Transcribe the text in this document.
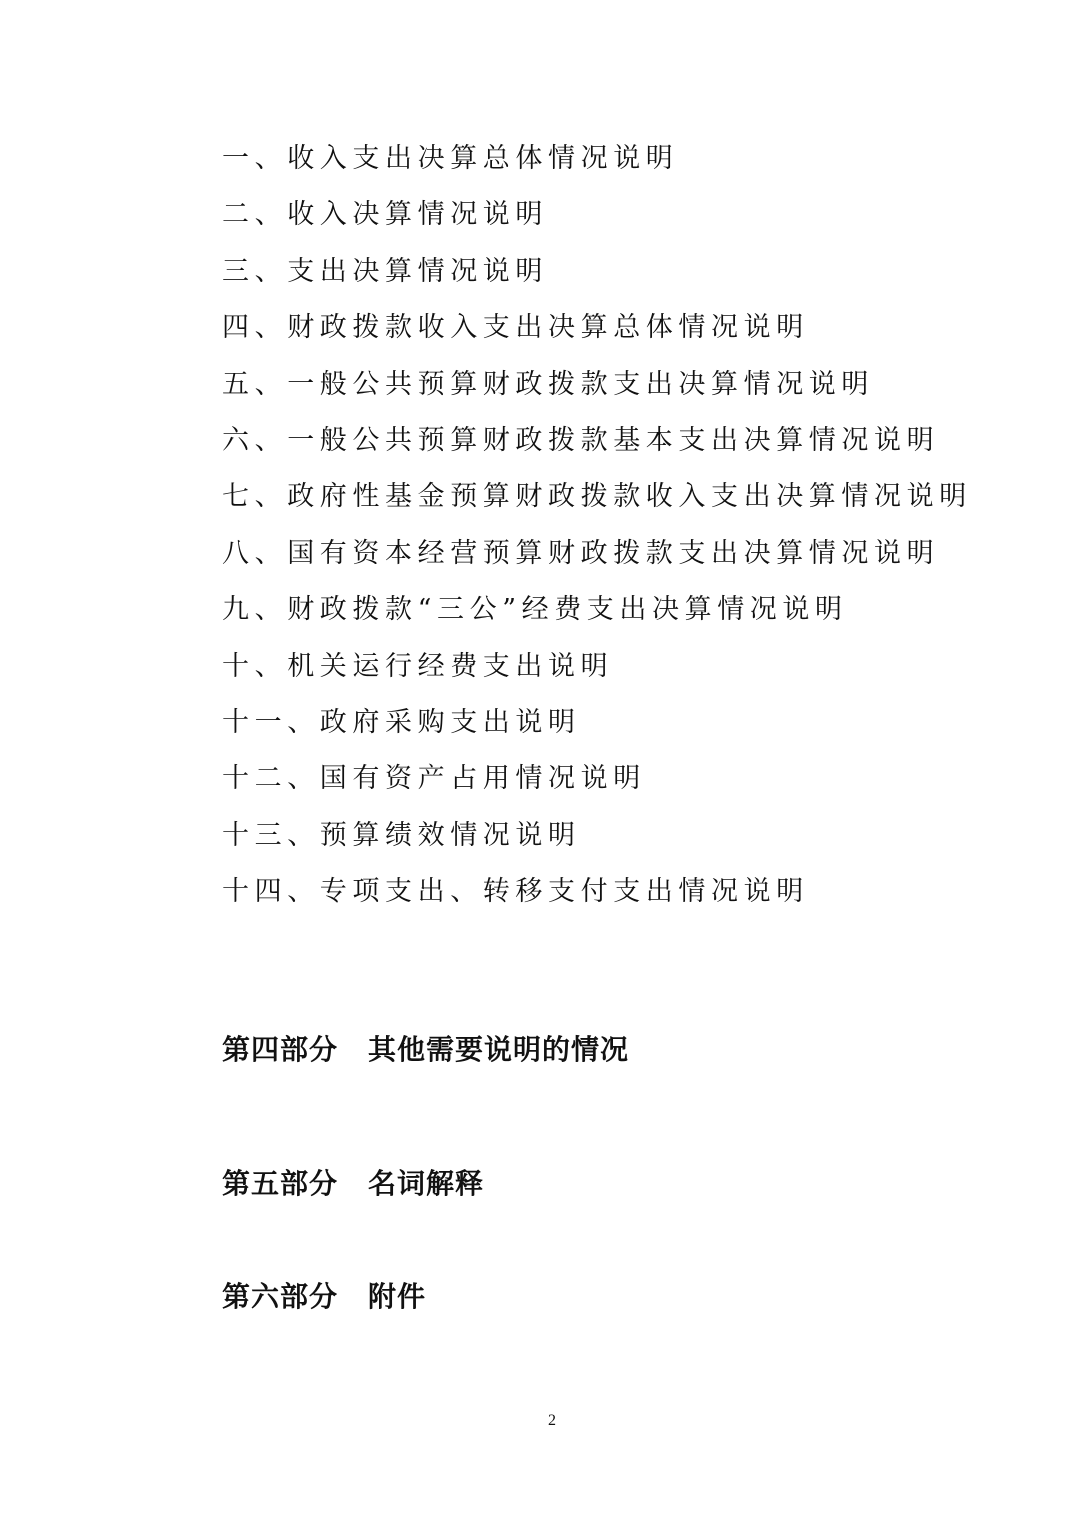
一、收入支出决算总体情况说明
二、收入决算情况说明
三、支出决算情况说明
四、财政拨款收入支出决算总体情况说明
五、一般公共预算财政拨款支出决算情况说明
六、一般公共预算财政拨款基本支出决算情况说明
七、政府性基金预算财政拨款收入支出决算情况说明
八、国有资本经营预算财政拨款支出决算情况说明
九、财政拨款“三公”经费支出决算情况说明
十、机关运行经费支出说明
十一、政府采购支出说明
十二、国有资产占用情况说明
十三、预算绩效情况说明
十四、专项支出、转移支付支出情况说明
第四部分 其他需要说明的情况
第五部分 名词解释
第六部分 附件
2
